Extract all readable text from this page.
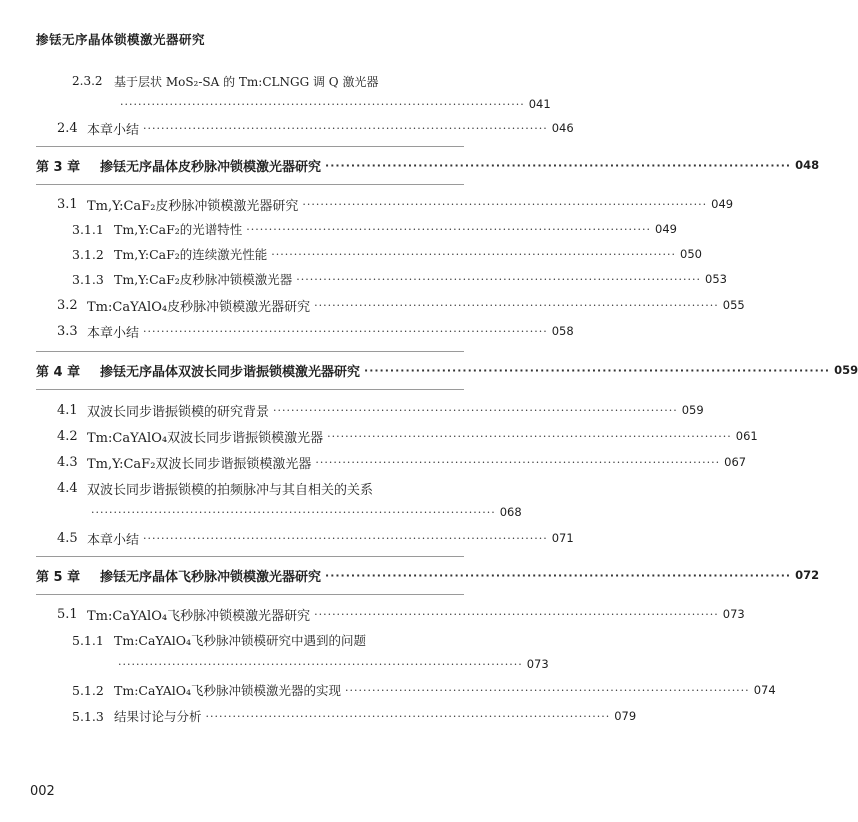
掺铥无序晶体锁模激光器研究
2.3.2 基于层状 MoS₂-SA 的 Tm:CLNGG 调 Q 激光器
·························································································· 041
2.4 本章小结 ·························································································· 046
第 3 章	掺铥无序晶体皮秒脉冲锁模激光器研究 ·························································································· 048
3.1 Tm,Y:CaF₂皮秒脉冲锁模激光器研究 ·························································································· 049
3.1.1 Tm,Y:CaF₂的光谱特性 ·························································································· 049
3.1.2 Tm,Y:CaF₂的连续激光性能 ·························································································· 050
3.1.3 Tm,Y:CaF₂皮秒脉冲锁模激光器 ·························································································· 053
3.2 Tm:CaYAlO₄皮秒脉冲锁模激光器研究 ·························································································· 055
3.3 本章小结 ·························································································· 058
第 4 章	掺铥无序晶体双波长同步谐振锁模激光器研究 ·························································································· 059
4.1 双波长同步谐振锁模的研究背景 ·························································································· 059
4.2 Tm:CaYAlO₄双波长同步谐振锁模激光器 ·························································································· 061
4.3 Tm,Y:CaF₂双波长同步谐振锁模激光器 ·························································································· 067
4.4 双波长同步谐振锁模的拍频脉冲与其自相关的关系
·························································································· 068
4.5 本章小结 ·························································································· 071
第 5 章	掺铥无序晶体飞秒脉冲锁模激光器研究 ·························································································· 072
5.1 Tm:CaYAlO₄飞秒脉冲锁模激光器研究 ·························································································· 073
5.1.1 Tm:CaYAlO₄飞秒脉冲锁模研究中遇到的问题
·························································································· 073
5.1.2 Tm:CaYAlO₄飞秒脉冲锁模激光器的实现 ·························································································· 074
5.1.3 结果讨论与分析 ·························································································· 079
002
